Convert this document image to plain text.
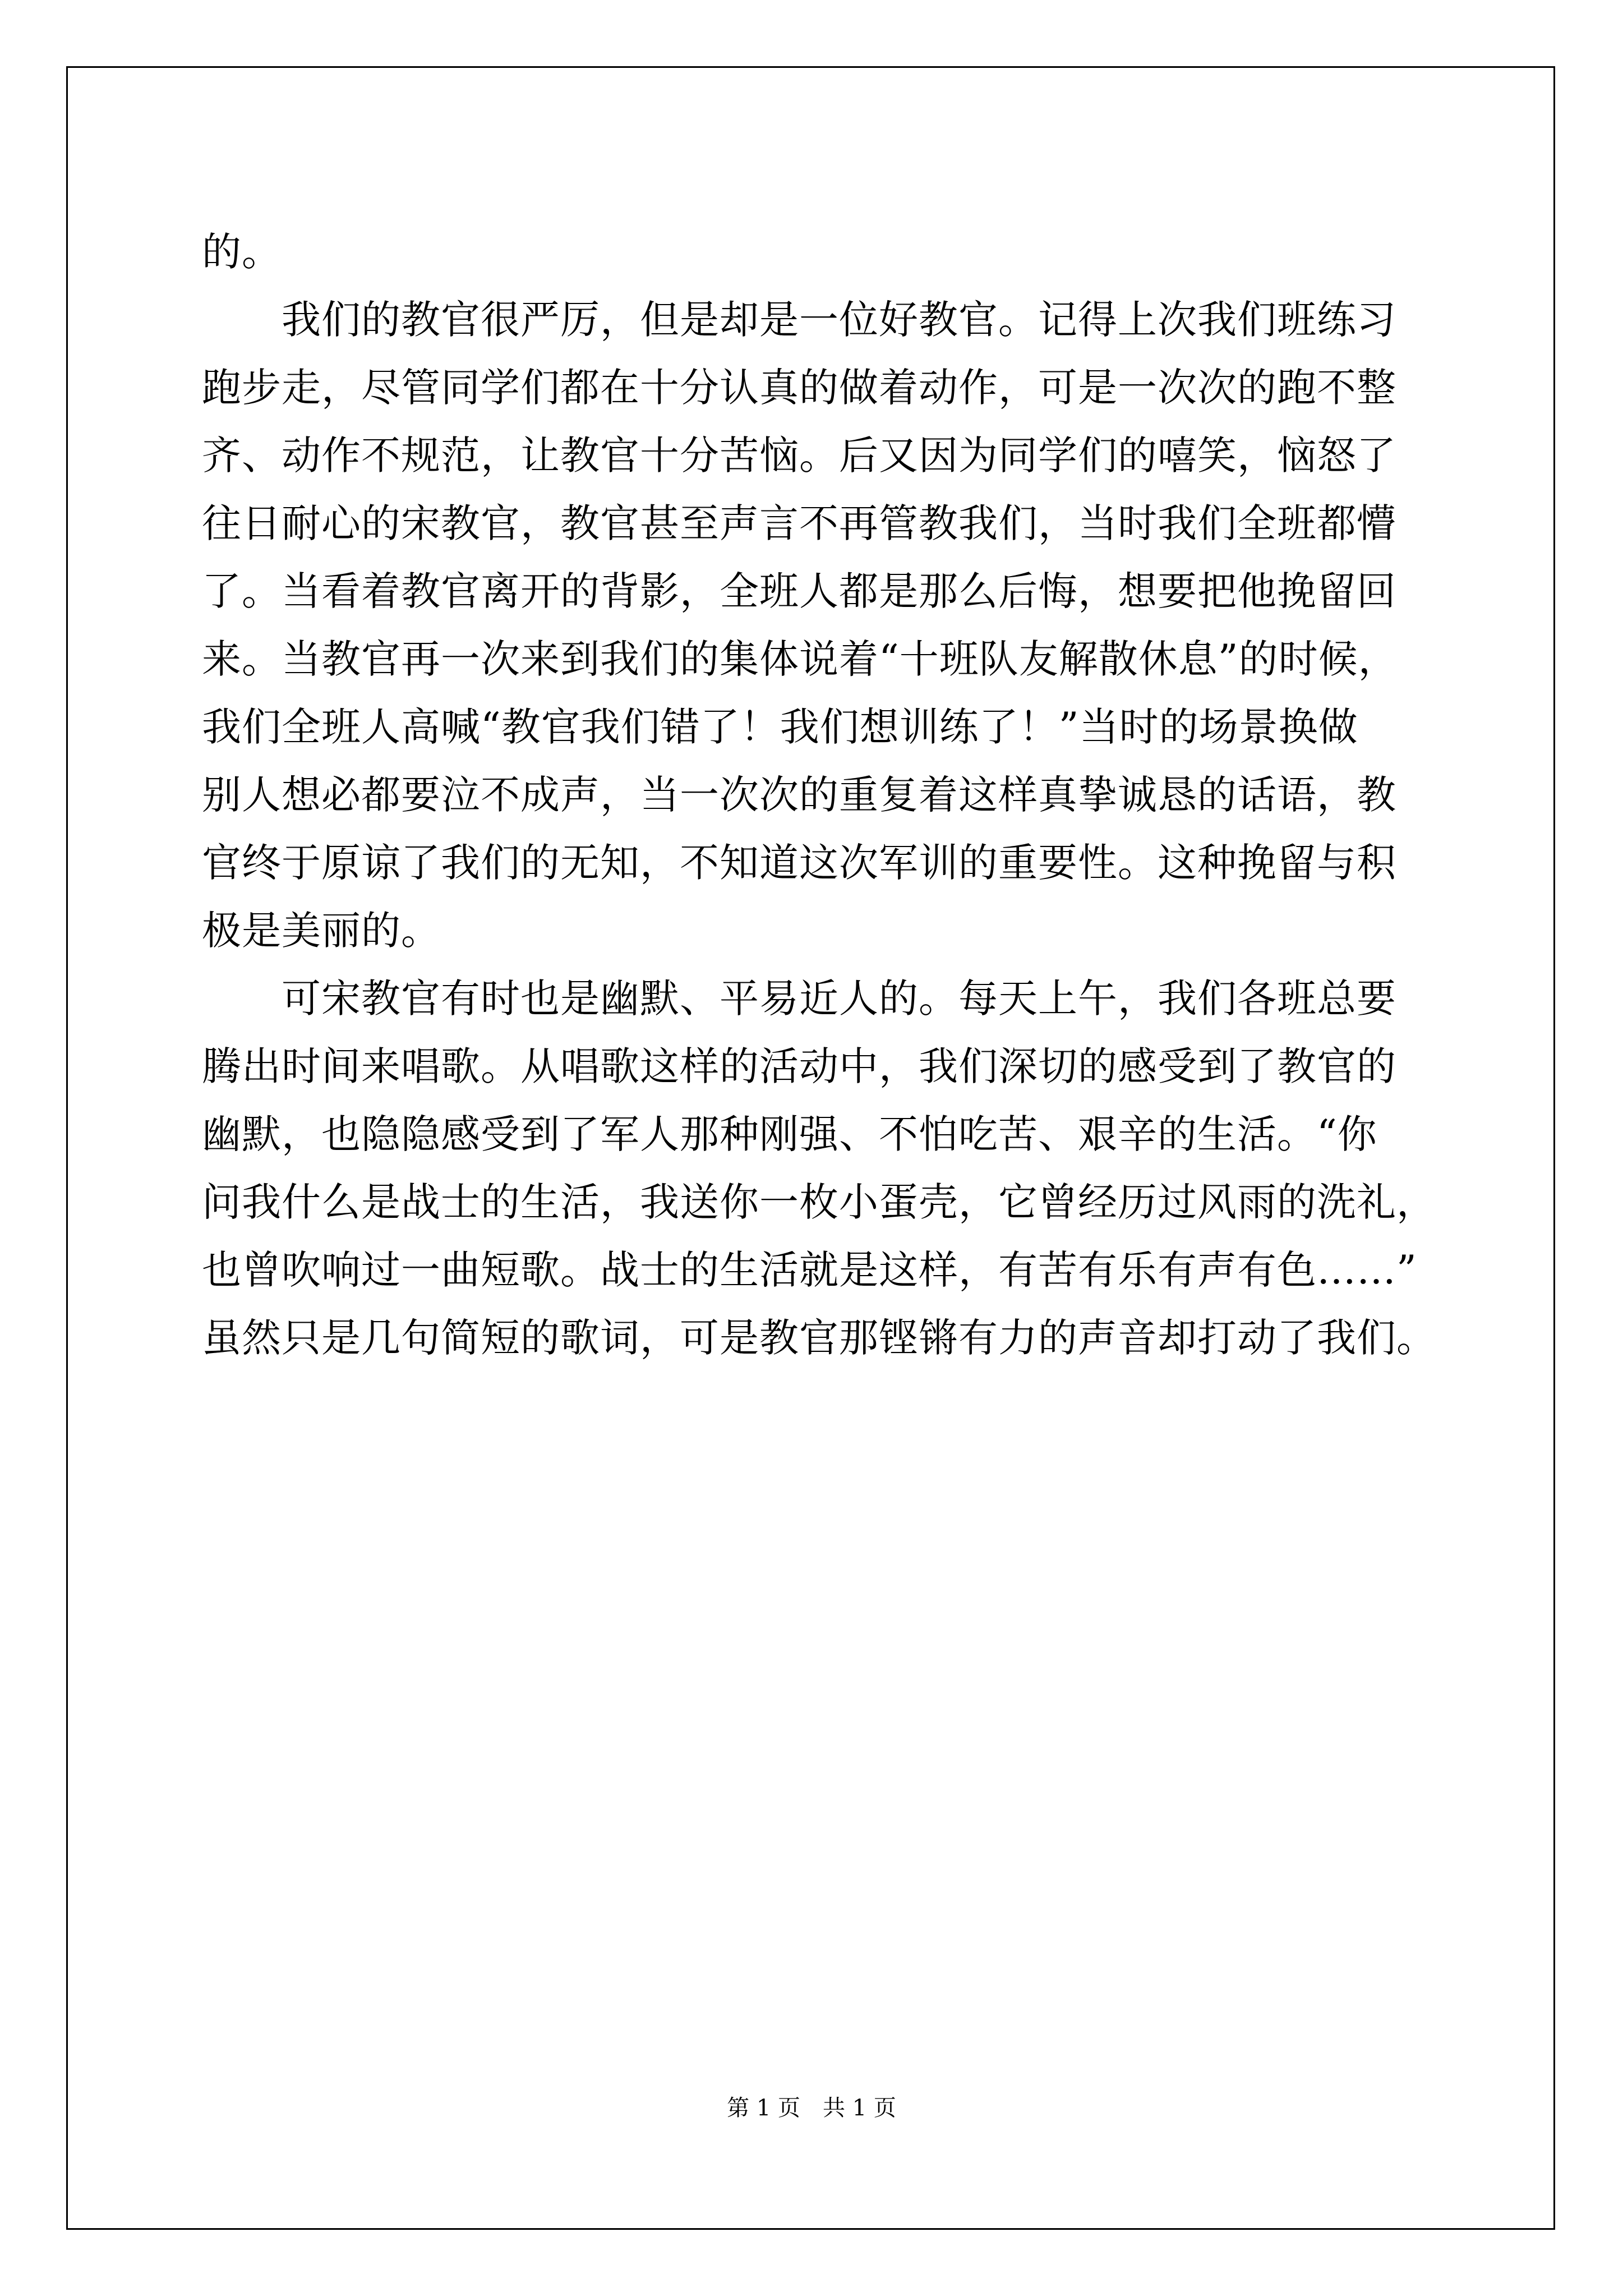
的。
　　我们的教官很严厉，但是却是一位好教官。记得上次我们班练习
跑步走，尽管同学们都在十分认真的做着动作，可是一次次的跑不整
齐、动作不规范，让教官十分苦恼。后又因为同学们的嘻笑，恼怒了
往日耐心的宋教官，教官甚至声言不再管教我们，当时我们全班都懵
了。当看着教官离开的背影，全班人都是那么后悔，想要把他挽留回
来。当教官再一次来到我们的集体说着“十班队友解散休息”的时候，
我们全班人高喊“教官我们错了！我们想训练了！”当时的场景换做
别人想必都要泣不成声，当一次次的重复着这样真挚诚恳的话语，教
官终于原谅了我们的无知，不知道这次军训的重要性。这种挽留与积
极是美丽的。
　　可宋教官有时也是幽默、平易近人的。每天上午，我们各班总要
腾出时间来唱歌。从唱歌这样的活动中，我们深切的感受到了教官的
幽默，也隐隐感受到了军人那种刚强、不怕吃苦、艰辛的生活。“你
问我什么是战士的生活，我送你一枚小蛋壳，它曾经历过风雨的洗礼，
也曾吹响过一曲短歌。战士的生活就是这样，有苦有乐有声有色……”
虽然只是几句简短的歌词，可是教官那铿锵有力的声音却打动了我们。
第 1 页　共 1 页
